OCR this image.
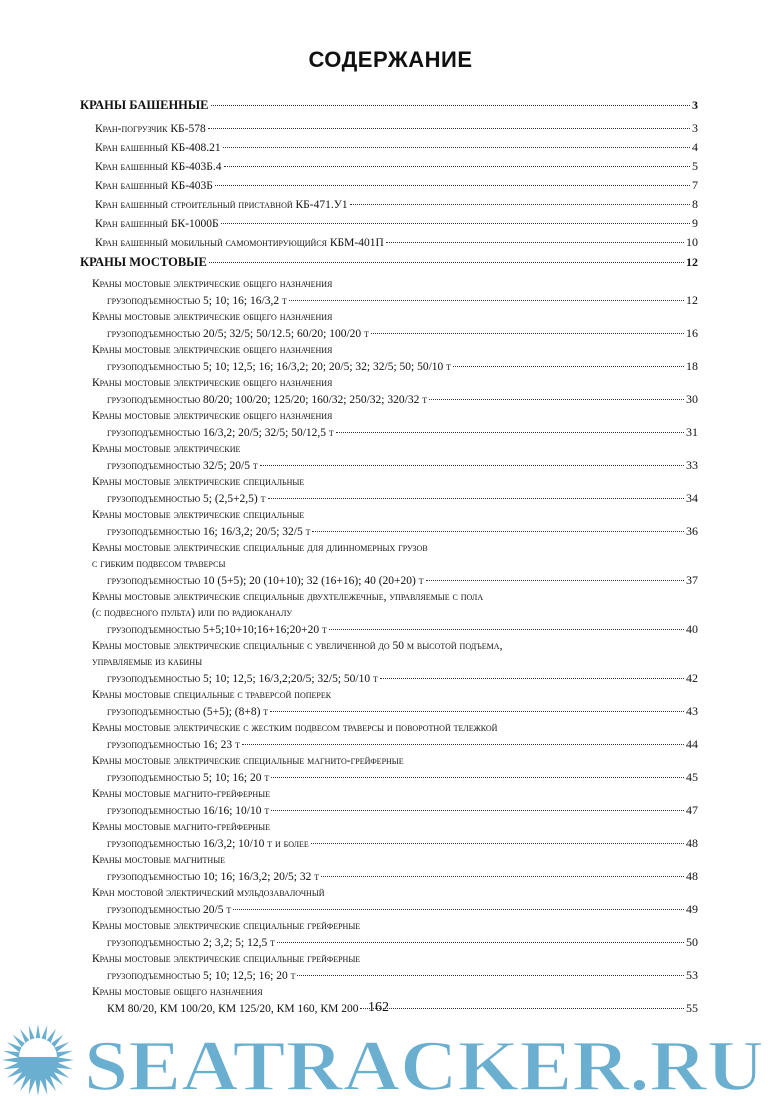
СОДЕРЖАНИЕ
КРАНЫ БАШЕННЫЕ	3
Кран-погрузчик КБ-578	3
Кран башенный КБ-408.21	4
Кран башенный КБ-403Б.4	5
Кран башенный КБ-403Б	7
Кран башенный строительный приставной КБ-471.У1	8
Кран башенный БК-1000Б	9
Кран башенный мобильный самомонтирующийся КБМ-401П	10
КРАНЫ МОСТОВЫЕ	12
Краны мостовые электрические общего назначения
грузоподъемностью 5; 10; 16; 16/3,2 т	12
Краны мостовые электрические общего назначения
грузоподъемностью 20/5; 32/5; 50/12.5; 60/20; 100/20 т	16
Краны мостовые электрические общего назначения
грузоподъемностью 5; 10; 12,5; 16; 16/3,2; 20; 20/5; 32; 32/5; 50; 50/10 т	18
Краны мостовые электрические общего назначения
грузоподъемностью 80/20; 100/20; 125/20; 160/32; 250/32; 320/32 т	30
Краны мостовые электрические общего назначения
грузоподъемностью 16/3,2; 20/5; 32/5; 50/12,5 т	31
Краны мостовые электрические
грузоподъемностью 32/5; 20/5 т	33
Краны мостовые электрические специальные
грузоподъемностью 5; (2,5+2,5) т	34
Краны мостовые электрические специальные
грузоподъемностью 16; 16/3,2; 20/5; 32/5 т	36
Краны мостовые электрические специальные для длинномерных грузов
с гибким подвесом траверсы
грузоподъемностью 10 (5+5); 20 (10+10); 32 (16+16); 40 (20+20) т	37
Краны мостовые электрические специальные двухтележечные, управляемые с пола
(с подвесного пульта) или по радиоканалу
грузоподъемностью 5+5;10+10;16+16;20+20 т	40
Краны мостовые электрические специальные с увеличенной до 50 м высотой подъема,
управляемые из кабины
грузоподъемностью 5; 10; 12,5; 16/3,2;20/5; 32/5; 50/10 т	42
Краны мостовые специальные с траверсой поперек
грузоподъемностью (5+5); (8+8) т	43
Краны мостовые электрические с жестким подвесом траверсы и поворотной тележкой
грузоподъемностью 16; 23 т	44
Краны мостовые электрические специальные магнито-грейферные
грузоподъемностью 5; 10; 16; 20 т	45
Краны мостовые магнито-грейферные
грузоподъемностью 16/16; 10/10 т	47
Краны мостовые магнито-грейферные
грузоподъемностью 16/3,2; 10/10 т и более	48
Краны мостовые магнитные
грузоподъемностью 10; 16; 16/3,2; 20/5; 32 т	48
Кран мостовой электрический мульдозавалочный
грузоподъемностью 20/5 т	49
Краны мостовые электрические специальные грейферные
грузоподъемностью 2; 3,2; 5; 12,5 т	50
Краны мостовые электрические специальные грейферные
грузоподъемностью 5; 10; 12,5; 16; 20 т	53
Краны мостовые общего назначения
КМ 80/20, КМ 100/20, КМ 125/20, КМ 160, КМ 200	55
162
SEATRACKER.RU
